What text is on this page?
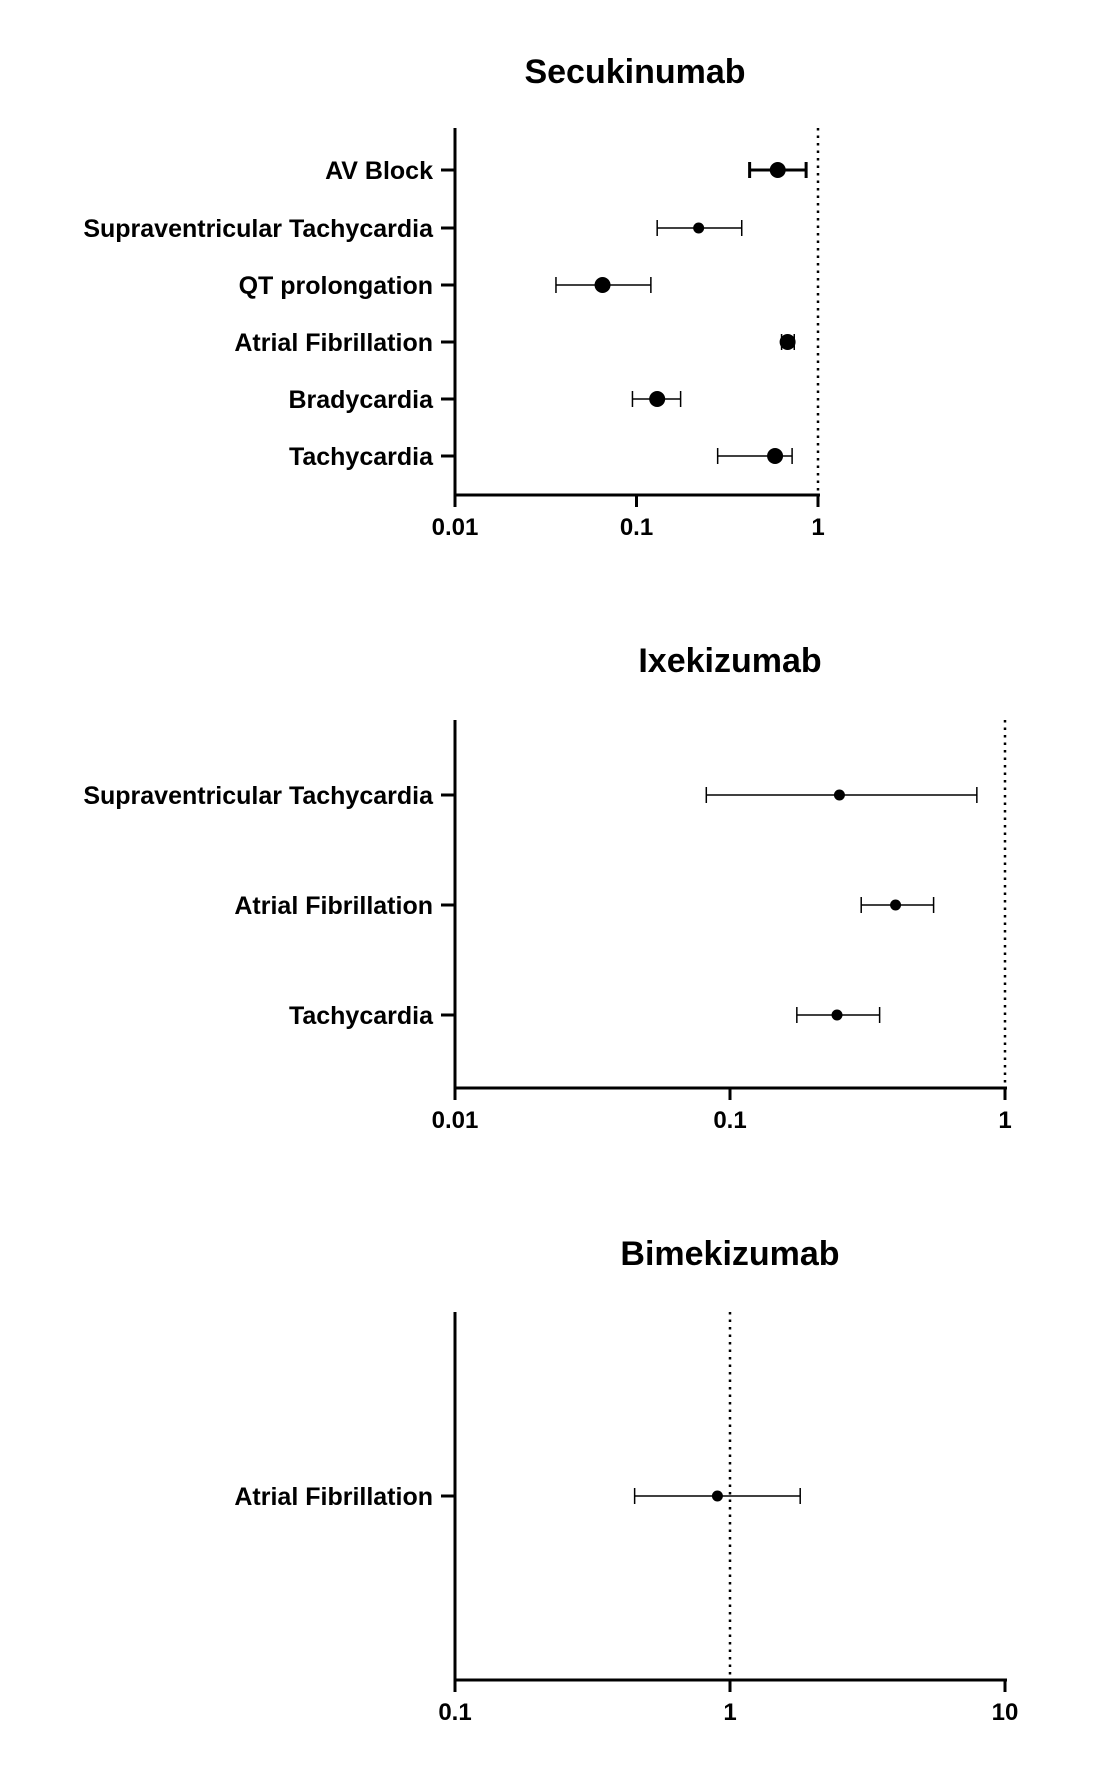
Secukinumab
0.01	0.1	1
AV Block
Supraventricular Tachycardia
QT prolongation
Atrial Fibrillation
Bradycardia
Tachycardia
Ixekizumab
0.01	0.1	1
Supraventricular Tachycardia
Atrial Fibrillation
Tachycardia
Bimekizumab
0.1	1	10
Atrial Fibrillation
